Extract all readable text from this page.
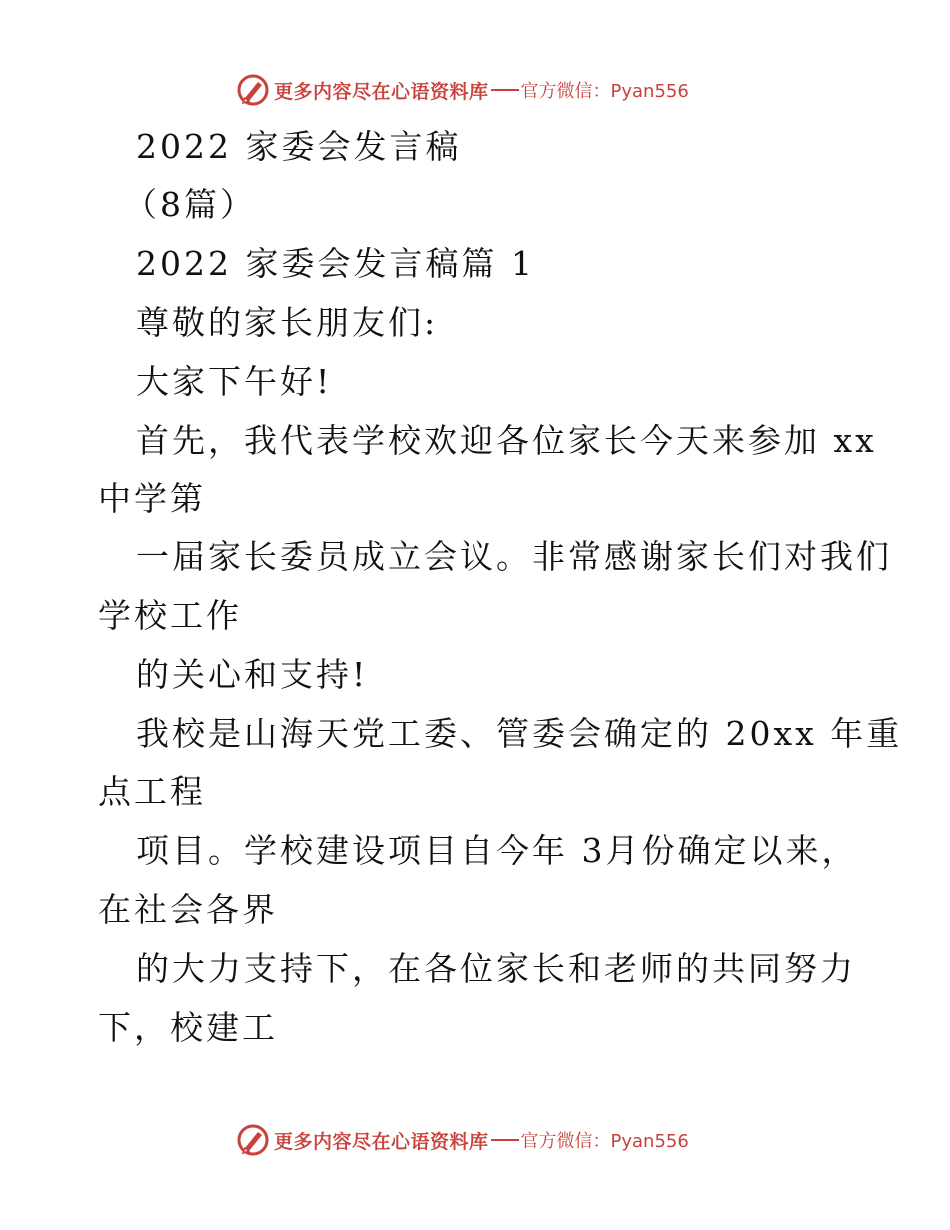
更多内容尽在心语资料库 官方微信：Pyan556
2022 家委会发言稿
（8篇）
2022 家委会发言稿篇 1
尊敬的家长朋友们:
大家下午好!
首先，我代表学校欢迎各位家长今天来参加 xx
中学第
一届家长委员成立会议。非常感谢家长们对我们
学校工作
的关心和支持!
我校是山海天党工委、管委会确定的 20xx 年重
点工程
项目。学校建设项目自今年 3月份确定以来，
在社会各界
的大力支持下，在各位家长和老师的共同努力
下，校建工
更多内容尽在心语资料库 官方微信：Pyan556
